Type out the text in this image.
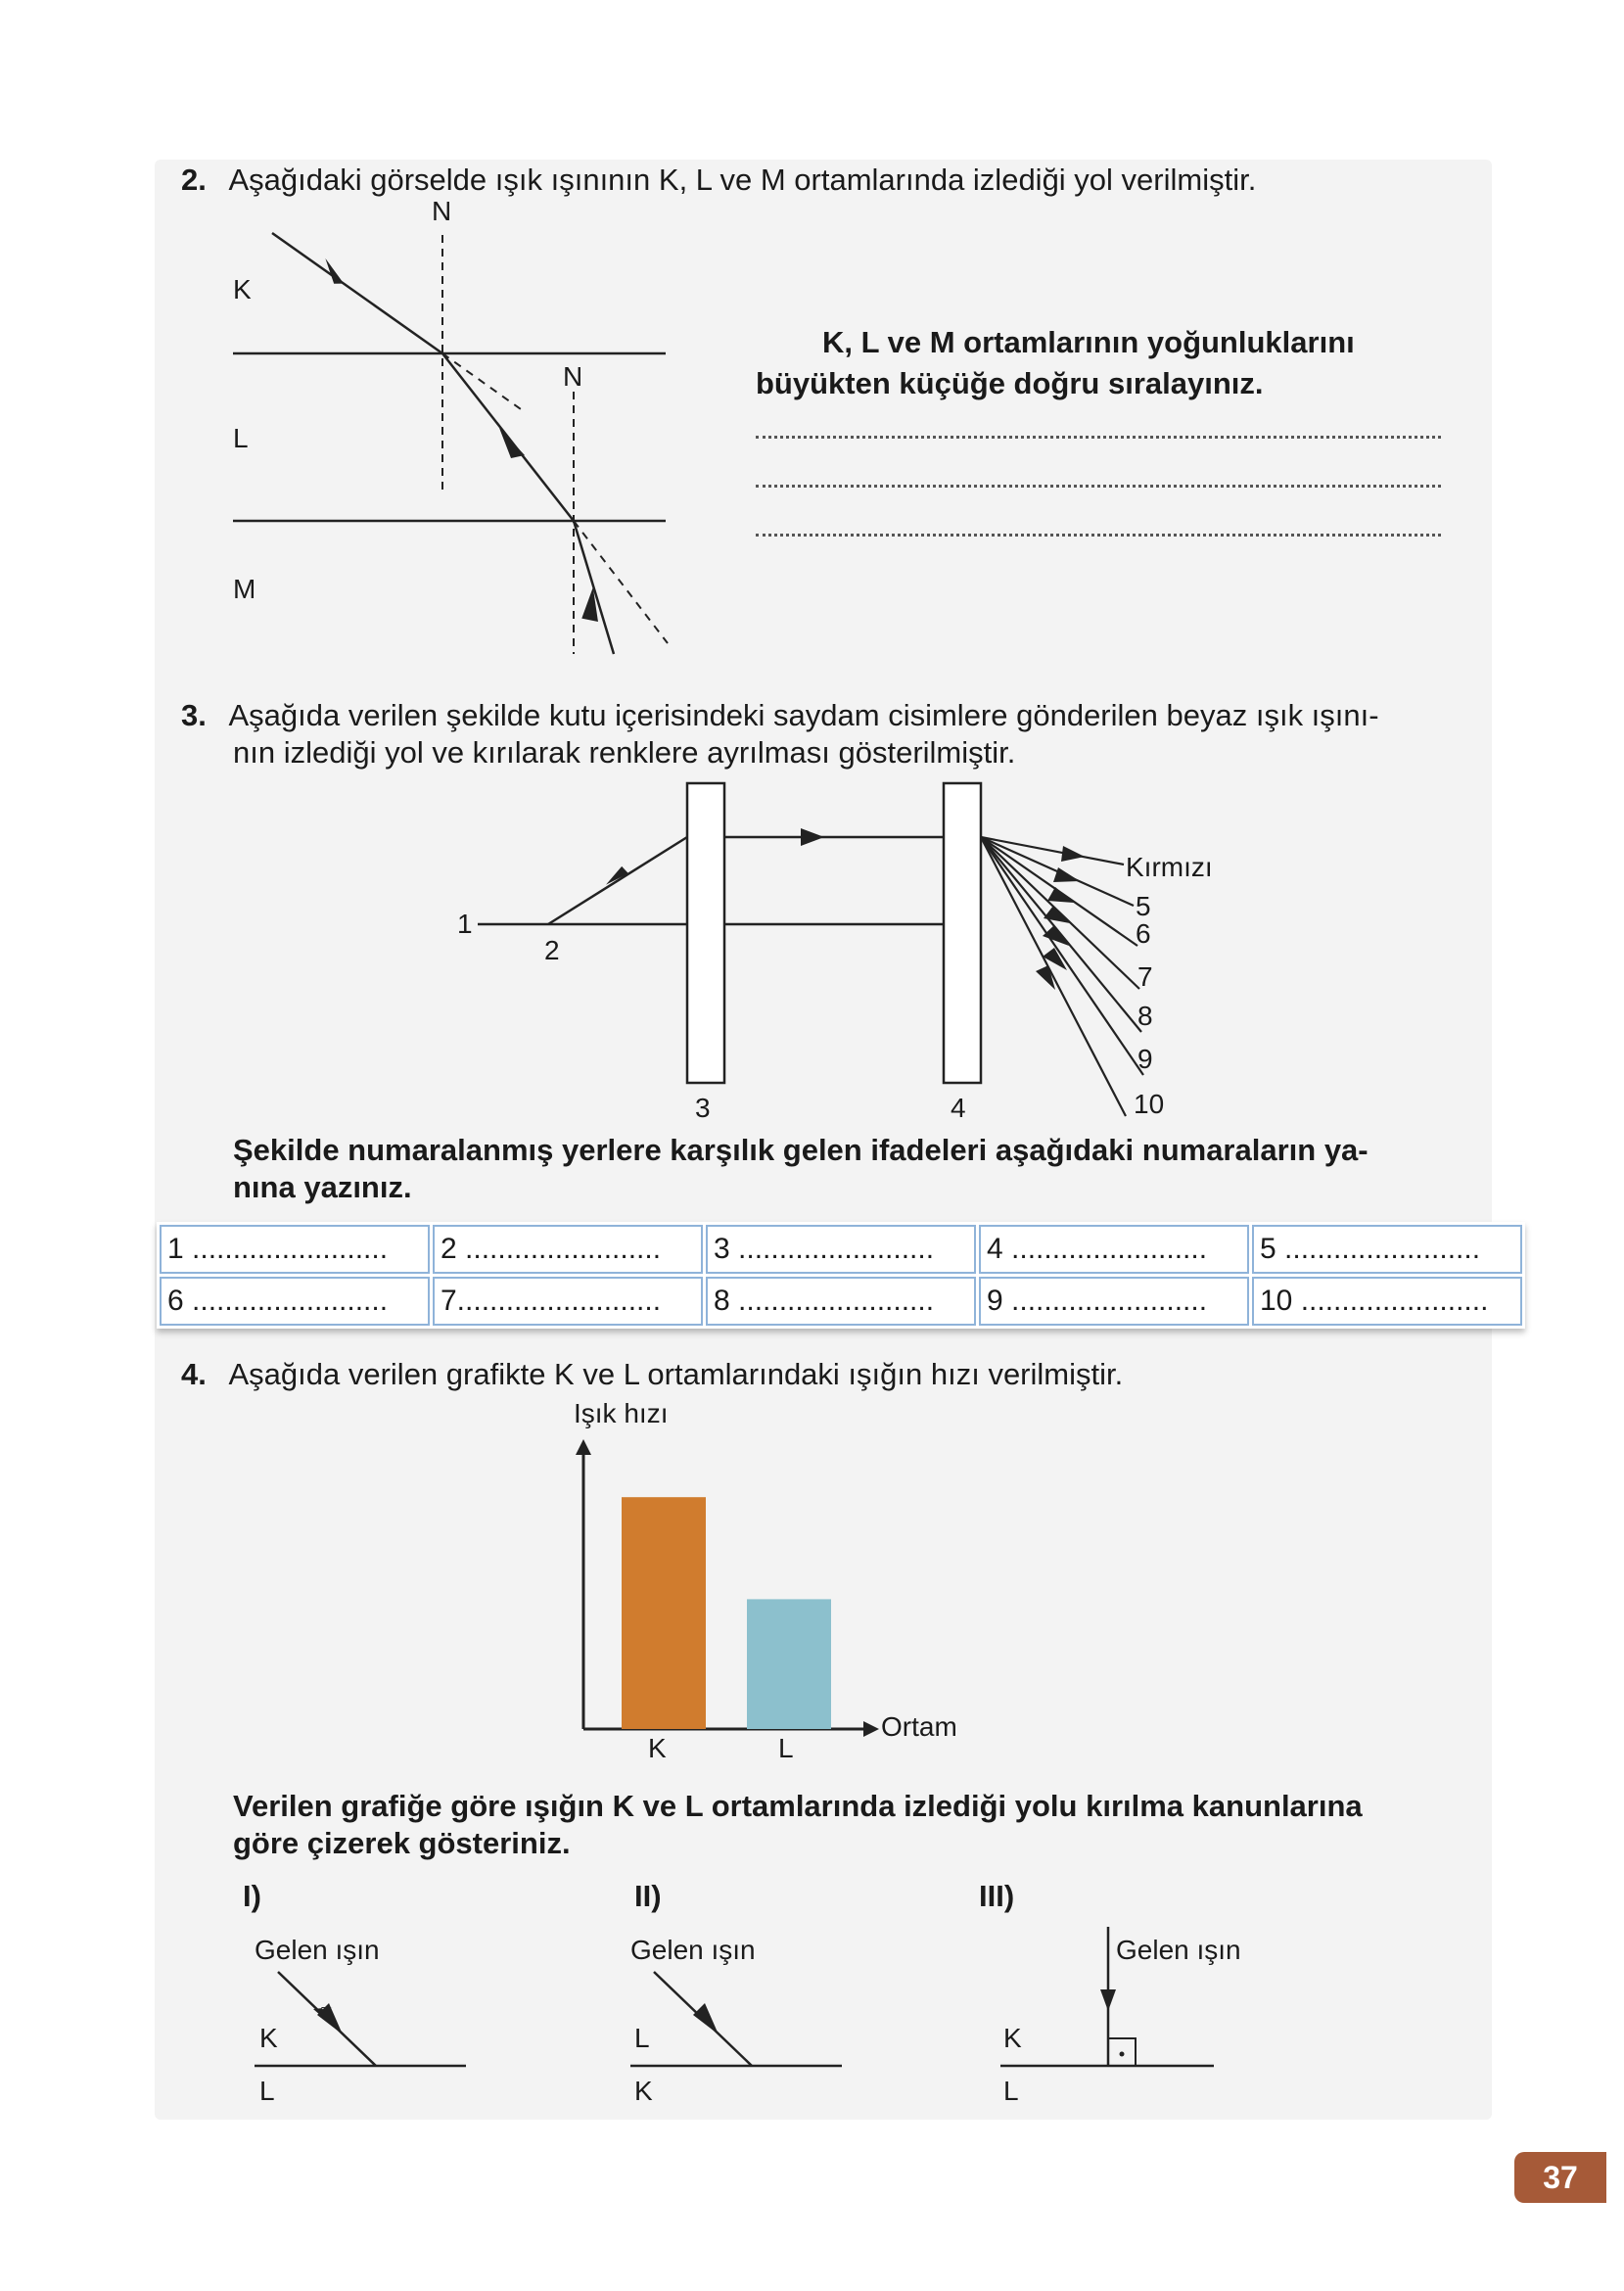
2. Aşağıdaki görselde ışık ışınının K, L ve M ortamlarında izlediği yol verilmiştir.
N
N
K
L
M
K, L ve M ortamlarının yoğunluklarını
büyükten küçüğe doğru sıralayınız.
3. Aşağıda verilen şekilde kutu içerisindeki saydam cisimlere gönderilen beyaz ışık ışını-
nın izlediği yol ve kırılarak renklere ayrılması gösterilmiştir.
1
2
3	4
Kırmızı
5
6
7
8
9
10
Şekilde numaralanmış yerlere karşılık gelen ifadeleri aşağıdaki numaraların ya-
nına yazınız.
1 ........................	2 ........................	3 ........................	4 ........................	5 ........................
6 ........................	7.........................	8 ........................	9 ........................	10 .......................
4. Aşağıda verilen grafikte K ve L ortamlarındaki ışığın hızı verilmiştir.
Işık hızı
Ortam
K	L
Verilen grafiğe göre ışığın K ve L ortamlarında izlediği yolu kırılma kanunlarına
göre çizerek gösteriniz.
I)
Gelen ışın
K
L
II)
Gelen ışın
L
K
III)
Gelen ışın
K
L
37
